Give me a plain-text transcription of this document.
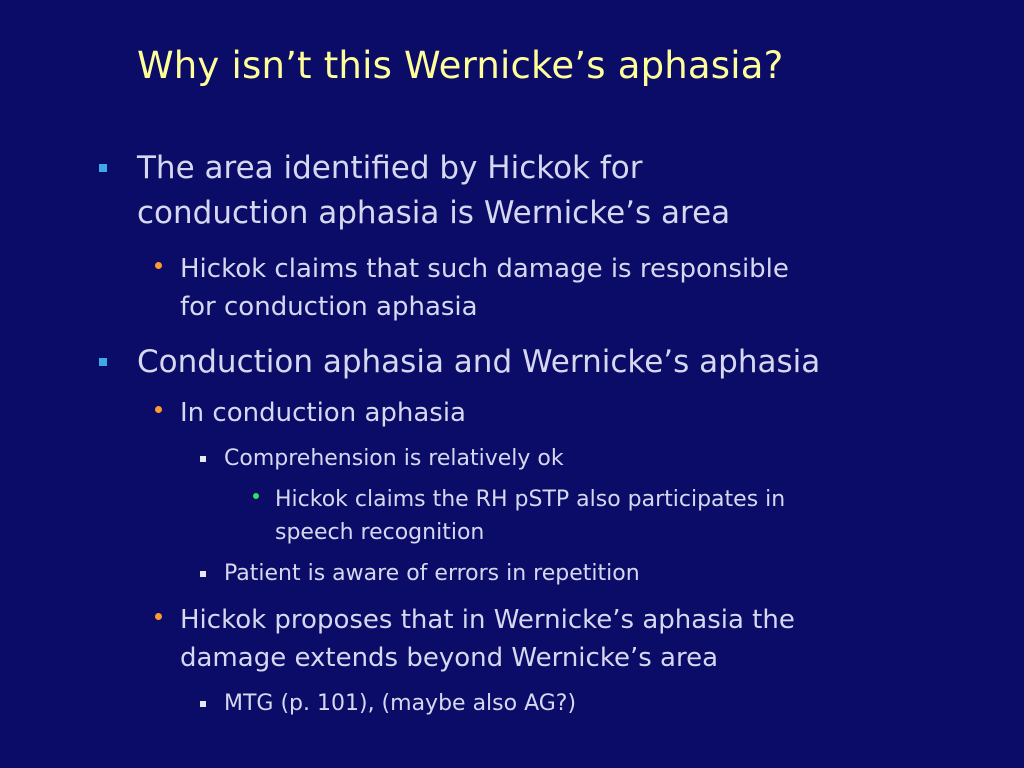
Why isn’t this Wernicke’s aphasia?
The area identified by Hickok for
conduction aphasia is Wernicke’s area
Hickok claims that such damage is responsible
for conduction aphasia
Conduction aphasia and Wernicke’s aphasia
In conduction aphasia
Comprehension is relatively ok
Hickok claims the RH pSTP also participates in
speech recognition
Patient is aware of errors in repetition
Hickok proposes that in Wernicke’s aphasia the
damage extends beyond Wernicke’s area
MTG (p. 101), (maybe also AG?)
